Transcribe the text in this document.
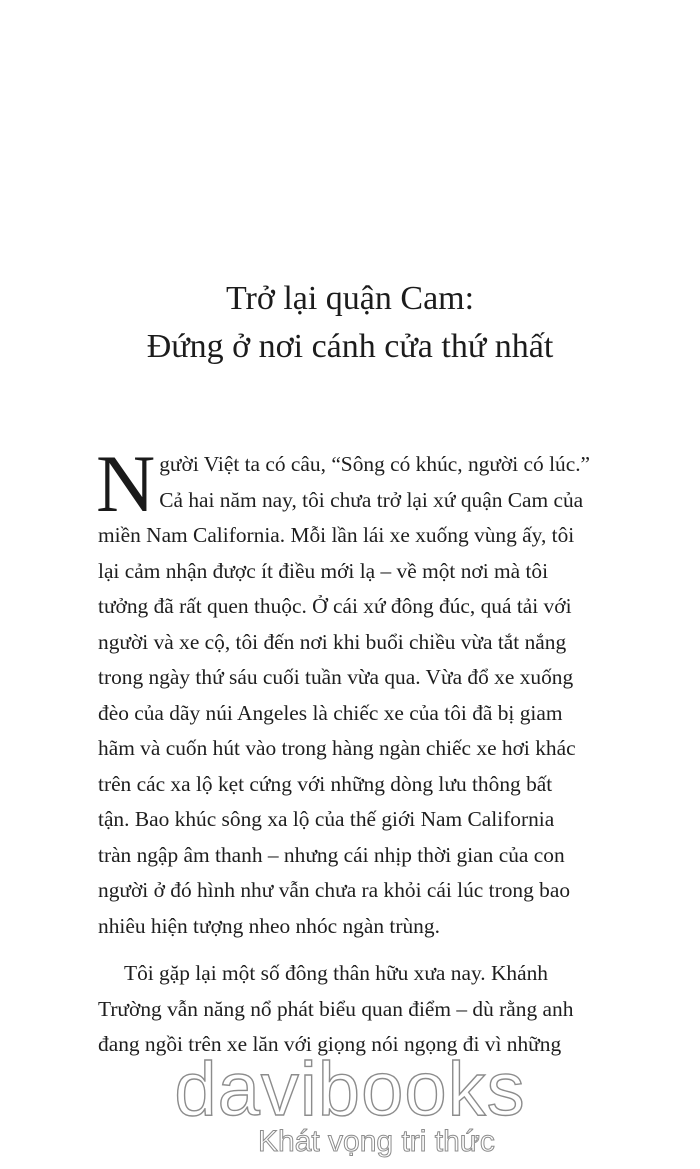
Trở lại quận Cam:
Đứng ở nơi cánh cửa thứ nhất

N gười Việt ta có câu, “Sông có khúc, người có lúc.”
Cả hai năm nay, tôi chưa trở lại xứ quận Cam của
miền Nam California. Mỗi lần lái xe xuống vùng ấy, tôi
lại cảm nhận được ít điều mới lạ – về một nơi mà tôi
tưởng đã rất quen thuộc. Ở cái xứ đông đúc, quá tải với
người và xe cộ, tôi đến nơi khi buổi chiều vừa tắt nắng
trong ngày thứ sáu cuối tuần vừa qua. Vừa đổ xe xuống
đèo của dãy núi Angeles là chiếc xe của tôi đã bị giam
hãm và cuốn hút vào trong hàng ngàn chiếc xe hơi khác
trên các xa lộ kẹt cứng với những dòng lưu thông bất
tận. Bao khúc sông xa lộ của thế giới Nam California
tràn ngập âm thanh – nhưng cái nhịp thời gian của con
người ở đó hình như vẫn chưa ra khỏi cái lúc trong bao
nhiêu hiện tượng nheo nhóc ngàn trùng.

Tôi gặp lại một số đông thân hữu xưa nay. Khánh
Trường vẫn năng nổ phát biểu quan điểm – dù rằng anh
đang ngồi trên xe lăn với giọng nói ngọng đi vì những

davibooks
Khát vọng tri thức
